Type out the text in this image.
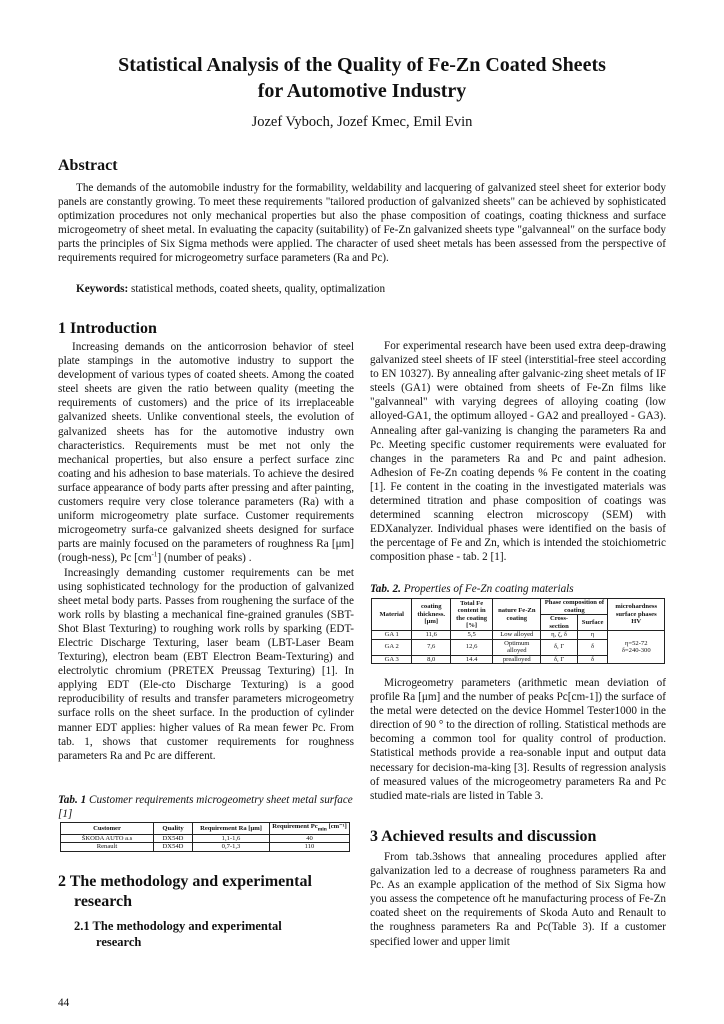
Statistical Analysis of the Quality of Fe-Zn Coated Sheets
for Automotive Industry
Jozef Vyboch, Jozef Kmec, Emil Evin
Abstract
The demands of the automobile industry for the formability, weldability and lacquering of galvanized steel sheet for exterior body panels are constantly growing. To meet these requirements "tailored production of galvanized sheets" can be achieved by sophisticated optimization procedures not only mechanical properties but also the phase composition of coatings, coating thickness and surface microgeometry of sheet metal. In evaluating the capacity (suitability) of Fe-Zn galvanized sheets type "galvanneal" on the surface body parts the principles of Six Sigma methods were applied. The character of used sheet metals has been assessed from the perspective of requirements required for microgeometry surface parameters (Ra and Pc).
Keywords: statistical methods, coated sheets, quality, optimalization
1 Introduction

Increasing demands on the anticorrosion behavior of steel plate stampings in the automotive industry to support the development of various types of coated sheets. Among the coated steel sheets are given the ratio between quality (meeting the requirements of customers) and the price of its irreplaceable galvanized sheets. Unlike conventional steels, the evolution of galvanized sheets has for the automotive industry own characteristics. Requirements must be met not only the mechanical properties, but also ensure a perfect surface zinc coating and his adhesion to base materials. To achieve the desired surface appearance of body parts after pressing and after painting, customers require very close tolerance parameters (Ra) with a uniform microgeometry plate surface. Customer requirements microgeometry surfa-ce galvanized sheets designed for surface parts are mainly focused on the parameters of roughness Ra [μm] (rough-ness), Pc $[cm^{-1}]$ (number of peaks) .

Increasingly demanding customer requirements can be met using sophisticated technology for the production of galvanized sheet metal body parts. Passes from roughening the surface of the work rolls by blasting a mechanical fine-grained granules (SBT-Shot Blast Texturing) to roughing work rolls by sparking (EDT-Electric Discharge Texturing, laser beam (LBT-Laser Beam Texturing), electron beam (EBT Electron Beam-Texturing) and electrolytic chromium (PRETEX Preussag Texturing) [1]. In applying EDT (Ele-cto Discharge Texturing) is a good reproducibility of results and transfer parameters microgeometry surface rolls on the sheet surface. In the production of cylinder manner EDT applies: higher values of Ra mean fewer Pc. From tab. 1, shows that customer requirements for roughness parameters Ra and Pc are different.

Tab. 1 Customer requirements microgeometry sheet metal surface [1]
Customer	Quality	Requirement Ra [μm]	Requirement $Pc_{min}$ [cm⁻¹]
ŠKODA AUTO a.s	DX54D	1,1-1,6	40
Renault	DX54D	0,7-1,3	110
2 The methodology and experimental
research
2.1 The methodology and experimental
research

For experimental research have been used extra deep-drawing galvanized steel sheets of IF steel (interstitial-free steel according to EN 10327). By annealing after galvanic-zing sheet metals of IF steels (GA1) were obtained from sheets of Fe-Zn films like "galvanneal" with varying degrees of alloying coating (low alloyed-GA1, the optimum alloyed - GA2 and prealloyed - GA3). Annealing after gal-vanizing is changing the parameters Ra and Pc. Meeting specific customer requirements were evaluated for changes in the parameters Ra and Pc and paint adhesion. Adhesion of Fe-Zn coating depends % Fe content in the coating [1]. Fe content in the coating in the investigated materials was determined titration and phase composition of coatings was determined scanning electron microscopy (SEM) with EDXanalyzer. Individual phases were identified on the basis of the percentage of Fe and Zn, which is intended the stoichiometric composition phase - tab. 2 [1].

Tab. 2. Properties of Fe-Zn coating materials
Material	coating thickness. [μm]	Total Fe content in the coating [%]	nature Fe-Zn coating	Phase composition of coating		microhardness surface phases HV
				Cross-section	Surface	
GA 1	11,6	5,5	Low alloyed	η, ζ, δ	η	η=52-72
δ=240-300

GA 2	7,6	12,6	Optimum alloyed	δ, Γ	δ	
GA 3	8,0	14.4	prealloyed	δ, Γ	δ	

Microgeometry parameters (arithmetic mean deviation of profile Ra [μm] and the number of peaks Pc[cm-1]) the surface of the metal were detected on the device Hommel Tester1000 in the direction of 90 ° to the direction of rolling. Statistical methods are becoming a common tool for quality control of production. Statistical methods provide a rea-sonable input and output data necessary for decision-ma-king [3]. Results of regression analysis of measured values of the microgeometry parameters Ra and Pc studied mate-rials are listed in Table 3.

3 Achieved results and discussion

From tab.3shows that annealing procedures applied after galvanization led to a decrease of roughness parameters Ra and Pc. As an example application of the method of Six Sigma how you assess the competence oft he manufacturing process of Fe-Zn coated sheet on the requirements of Skoda Auto and Renault to the roughness parameters Ra and Pc(Table 3). If a customer specified lower and upper limit

44
